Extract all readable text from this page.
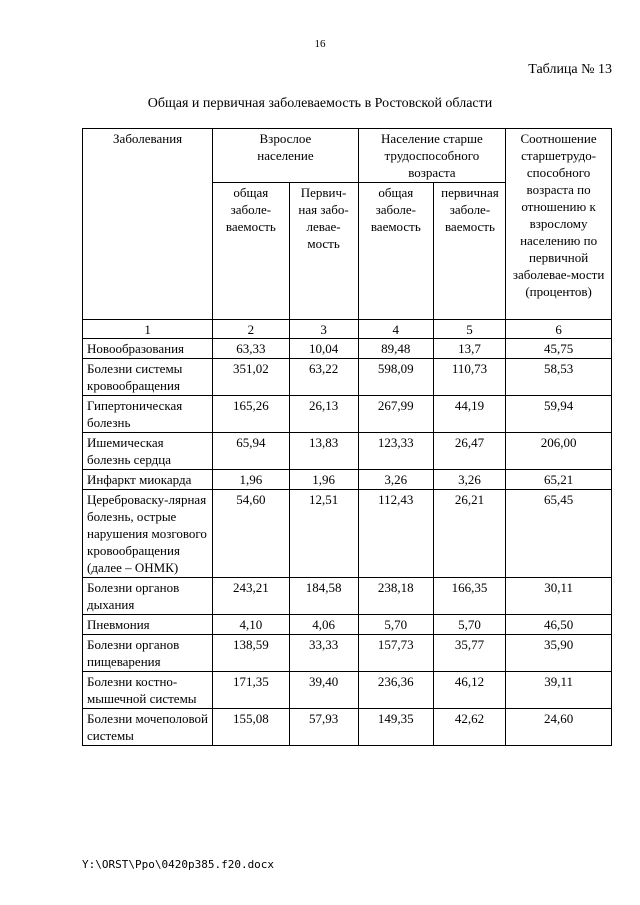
16
Таблица № 13
Общая и первичная заболеваемость в Ростовской области
Заболевания	Взрослое население		Население старше трудоспособного возраста		Соотношение старшетрудо-способного возраста по отношению к взрослому населению по первичной заболевае-мости (процентов)
	общая заболе-ваемость	Первич-ная забо-левае-мость	общая заболе-ваемость	первичная заболе-ваемость	
1	2	3	4	5	6
Новообразования	63,33	10,04	89,48	13,7	45,75
Болезни системы кровообращения	351,02	63,22	598,09	110,73	58,53
Гипертоническая болезнь	165,26	26,13	267,99	44,19	59,94
Ишемическая болезнь сердца	65,94	13,83	123,33	26,47	206,00
Инфаркт миокарда	1,96	1,96	3,26	3,26	65,21
Цереброваску-лярная болезнь, острые нарушения мозгового кровообращения (далее – ОНМК)	54,60	12,51	112,43	26,21	65,45
Болезни органов дыхания	243,21	184,58	238,18	166,35	30,11
Пневмония	4,10	4,06	5,70	5,70	46,50
Болезни органов пищеварения	138,59	33,33	157,73	35,77	35,90
Болезни костно-мышечной системы	171,35	39,40	236,36	46,12	39,11
Болезни мочеполовой системы	155,08	57,93	149,35	42,62	24,60
Y:\ORST\Ppo\0420p385.f20.docx
